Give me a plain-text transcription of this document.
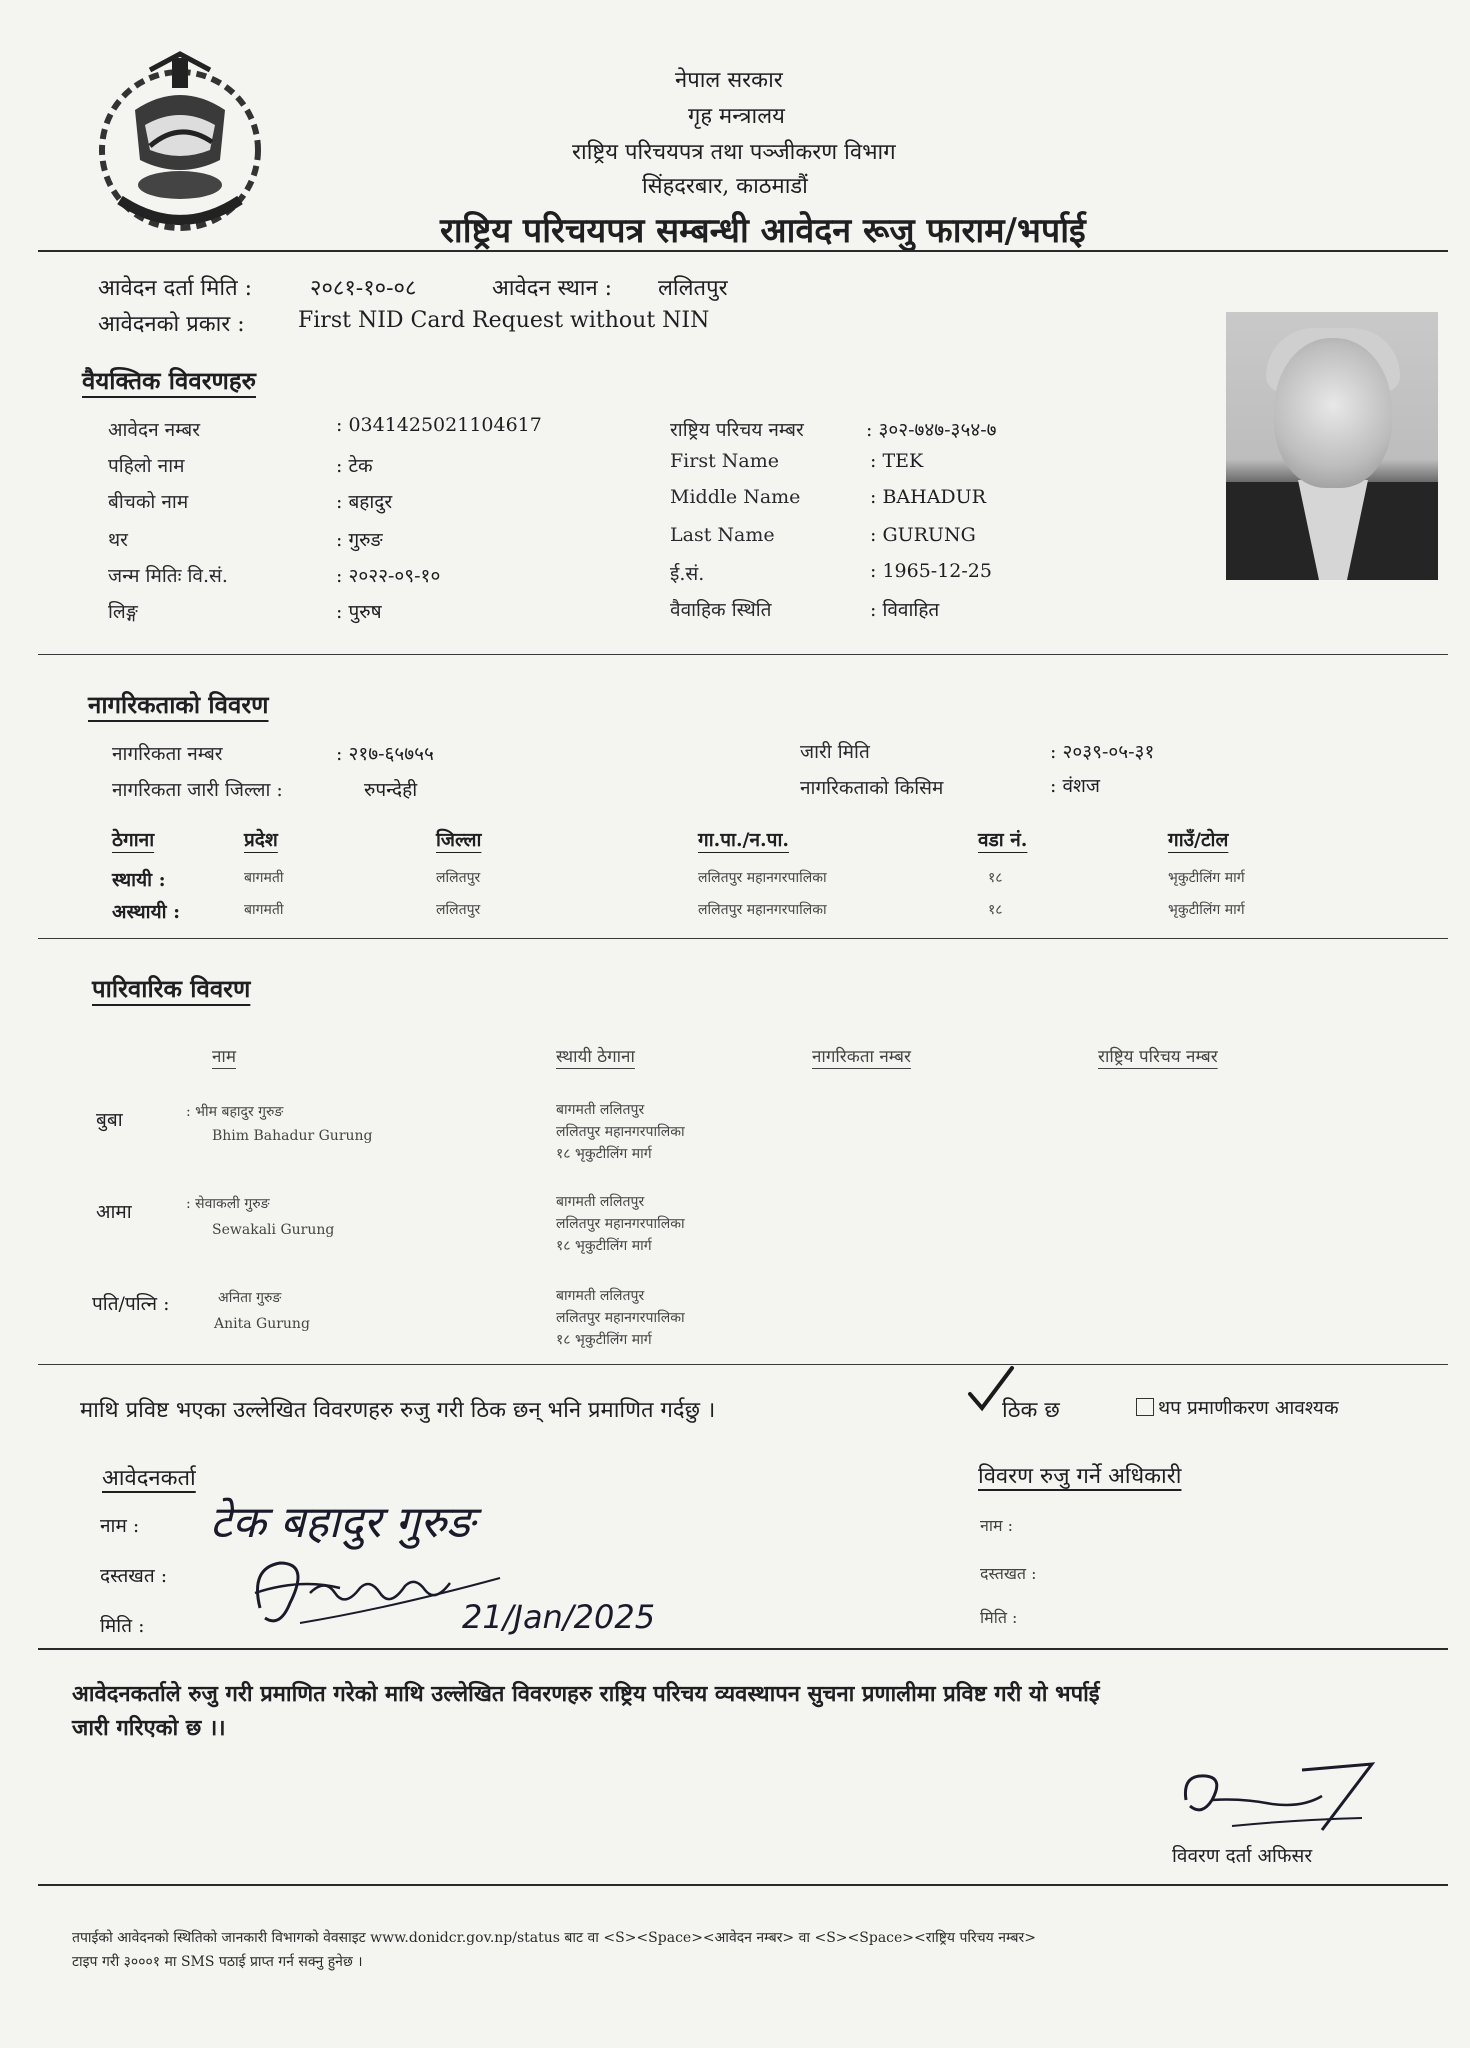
नेपाल सरकार
गृह मन्त्रालय
राष्ट्रिय परिचयपत्र तथा पञ्जीकरण विभाग
सिंहदरबार, काठमाडौं
राष्ट्रिय परिचयपत्र सम्बन्धी आवेदन रूजु फाराम/भर्पाई
आवेदन दर्ता मिति :	२०८१-१०-०८	आवेदन स्थान : ललितपुर
आवेदनको प्रकार : First NID Card Request without NIN
वैयक्तिक विवरणहरु
आवेदन नम्बर	: 0341425021104617
पहिलो नाम	: टेक
बीचको नाम	: बहादुर
थर	: गुरुङ
जन्म मितिः वि.सं.	: २०२२-०९-१०
लिङ्ग	: पुरुष
राष्ट्रिय परिचय नम्बर	: ३०२-७४७-३५४-७
First Name	: TEK
Middle Name	: BAHADUR
Last Name	: GURUNG
ई.सं.	: 1965-12-25
वैवाहिक स्थिति	: विवाहित
नागरिकताको विवरण
नागरिकता नम्बर	: २१७-६५७५५
नागरिकता जारी जिल्ला :	रुपन्देही
जारी मिति	: २०३९-०५-३१
नागरिकताको किसिम	: वंशज
ठेगाना	प्रदेश	जिल्ला	गा.पा./न.पा.	वडा नं.	गाउँ/टोल
स्थायी :	बागमती	ललितपुर	ललितपुर महानगरपालिका	१८	भृकुटीलिंग मार्ग
अस्थायी :	बागमती	ललितपुर	ललितपुर महानगरपालिका	१८	भृकुटीलिंग मार्ग
पारिवारिक विवरण
नाम	स्थायी ठेगाना	नागरिकता नम्बर	राष्ट्रिय परिचय नम्बर
बुबा	: भीम बहादुर गुरुङ
Bhim Bahadur Gurung
बागमती ललितपुर
ललितपुर महानगरपालिका
१८ भृकुटीलिंग मार्ग
आमा	: सेवाकली गुरुङ
Sewakali Gurung
बागमती ललितपुर
ललितपुर महानगरपालिका
१८ भृकुटीलिंग मार्ग
पति/पत्नि :	अनिता गुरुङ
Anita Gurung
बागमती ललितपुर
ललितपुर महानगरपालिका
१८ भृकुटीलिंग मार्ग
माथि प्रविष्ट भएका उल्लेखित विवरणहरु रुजु गरी ठिक छन् भनि प्रमाणित गर्दछु ।	ठिक छ	थप प्रमाणीकरण आवश्यक
आवेदनकर्ता
नाम : टेक बहादुर गुरुङ
दस्तखत :
मिति :	21/Jan/2025
विवरण रुजु गर्ने अधिकारी
नाम :
दस्तखत :
मिति :
आवेदनकर्ताले रुजु गरी प्रमाणित गरेको माथि उल्लेखित विवरणहरु राष्ट्रिय परिचय व्यवस्थापन सुचना प्रणालीमा प्रविष्ट गरी यो भर्पाई
जारी गरिएको छ ।।
विवरण दर्ता अफिसर
तपाईको आवेदनको स्थितिको जानकारी विभागको वेवसाइट www.donidcr.gov.np/status बाट वा <S><Space><आवेदन नम्बर> वा <S><Space><राष्ट्रिय परिचय नम्बर>
टाइप गरी ३०००१ मा SMS पठाई प्राप्त गर्न सक्नु हुनेछ ।
